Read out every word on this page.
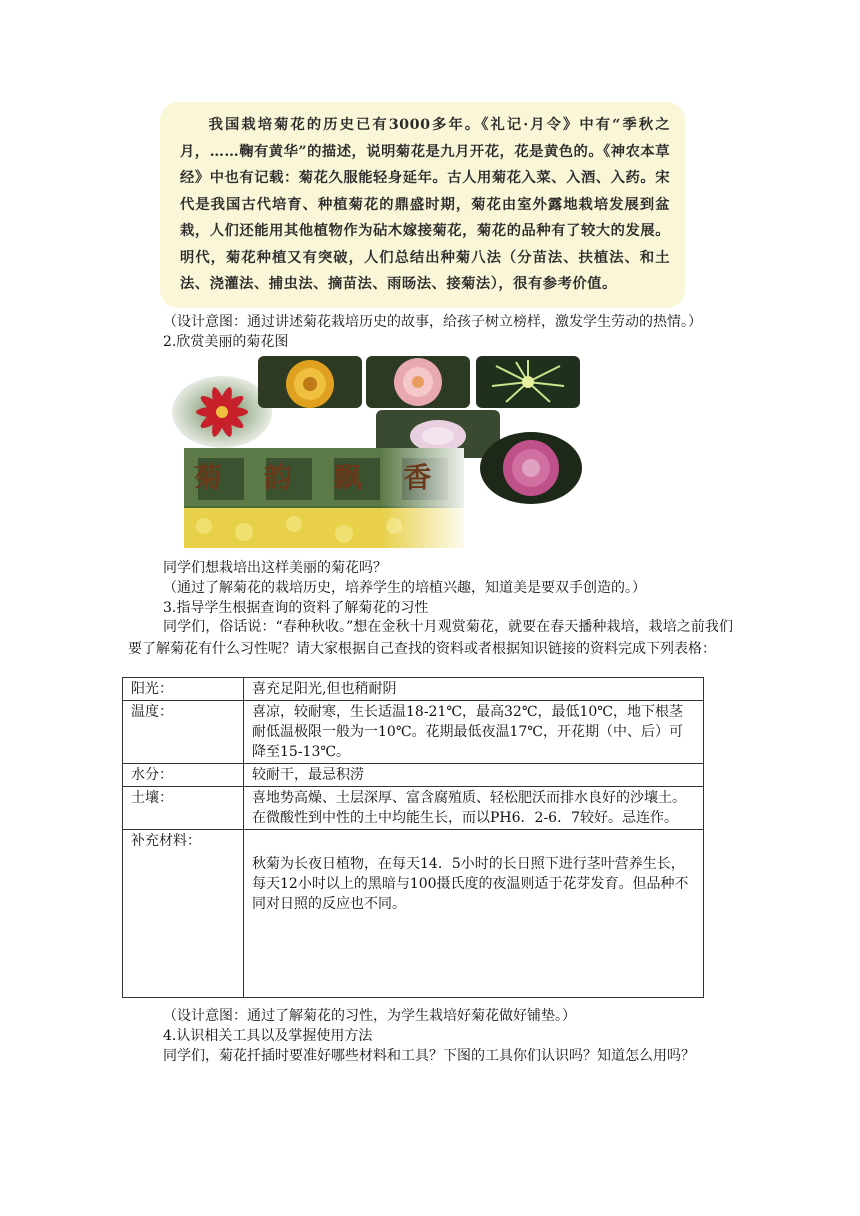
我国栽培菊花的历史已有3000多年。《礼记·月令》中有“季秋之月，……鞠有黄华”的描述，说明菊花是九月开花，花是黄色的。《神农本草经》中也有记载：菊花久服能轻身延年。古人用菊花入菜、入酒、入药。宋代是我国古代培育、种植菊花的鼎盛时期，菊花由室外露地栽培发展到盆栽，人们还能用其他植物作为砧木嫁接菊花，菊花的品种有了较大的发展。明代，菊花种植又有突破，人们总结出种菊八法（分苗法、扶植法、和土法、浇灌法、捕虫法、摘苗法、雨旸法、接菊法），很有参考价值。
（设计意图：通过讲述菊花栽培历史的故事，给孩子树立榜样，激发学生劳动的热情。）
2.欣赏美丽的菊花图
菊 韵 飘 香
同学们想栽培出这样美丽的菊花吗？
（通过了解菊花的栽培历史，培养学生的培植兴趣，知道美是要双手创造的。）
3.指导学生根据查询的资料了解菊花的习性
同学们，俗话说：“春种秋收。”想在金秋十月观赏菊花，就要在春天播种栽培，栽培之前我们要了解菊花有什么习性呢？请大家根据自己查找的资料或者根据知识链接的资料完成下列表格：
阳光：	喜充足阳光,但也稍耐阴
温度：	喜凉，较耐寒，生长适温18-21℃，最高32℃，最低10℃，地下根茎耐低温极限一般为一10℃。花期最低夜温17℃，开花期（中、后）可降至15-13℃。
水分：	较耐干，最忌积涝
土壤：	喜地势高燥、土层深厚、富含腐殖质、轻松肥沃而排水良好的沙壤土。在微酸性到中性的土中均能生长，而以PH6．2-6．7较好。忌连作。
补充材料：	秋菊为长夜日植物，在每天14．5小时的长日照下进行茎叶营养生长，每天12小时以上的黑暗与100摄氏度的夜温则适于花芽发育。但品种不同对日照的反应也不同。
（设计意图：通过了解菊花的习性，为学生栽培好菊花做好铺垫。）
4.认识相关工具以及掌握使用方法
同学们，菊花扦插时要准好哪些材料和工具？下图的工具你们认识吗？知道怎么用吗？
